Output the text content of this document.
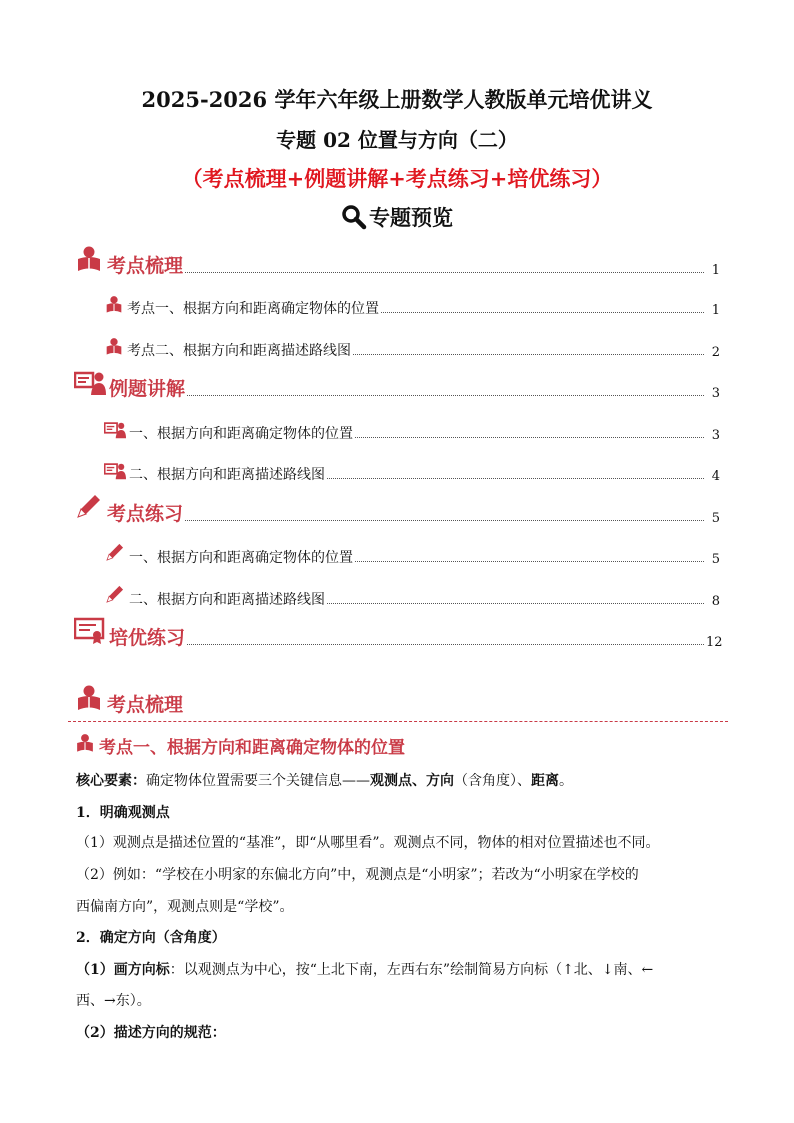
2025-2026 学年六年级上册数学人教版单元培优讲义
专题 02 位置与方向（二）
（考点梳理+例题讲解+考点练习+培优练习）
专题预览
考点梳理	1
考点一、根据方向和距离确定物体的位置	1
考点二、根据方向和距离描述路线图	2
例题讲解	3
一、根据方向和距离确定物体的位置	3
二、根据方向和距离描述路线图	4
考点练习	5
一、根据方向和距离确定物体的位置	5
二、根据方向和距离描述路线图	8
培优练习	12
考点梳理
考点一、根据方向和距离确定物体的位置
核心要素：确定物体位置需要三个关键信息——观测点、方向（含角度）、距离。
1．明确观测点
（1）观测点是描述位置的“基准”，即“从哪里看”。观测点不同，物体的相对位置描述也不同。
（2）例如：“学校在小明家的东偏北方向”中，观测点是“小明家”；若改为“小明家在学校的
西偏南方向”，观测点则是“学校”。
2．确定方向（含角度）
（1）画方向标：以观测点为中心，按“上北下南，左西右东”绘制简易方向标（↑北、↓南、←
西、→东）。
（2）描述方向的规范：
